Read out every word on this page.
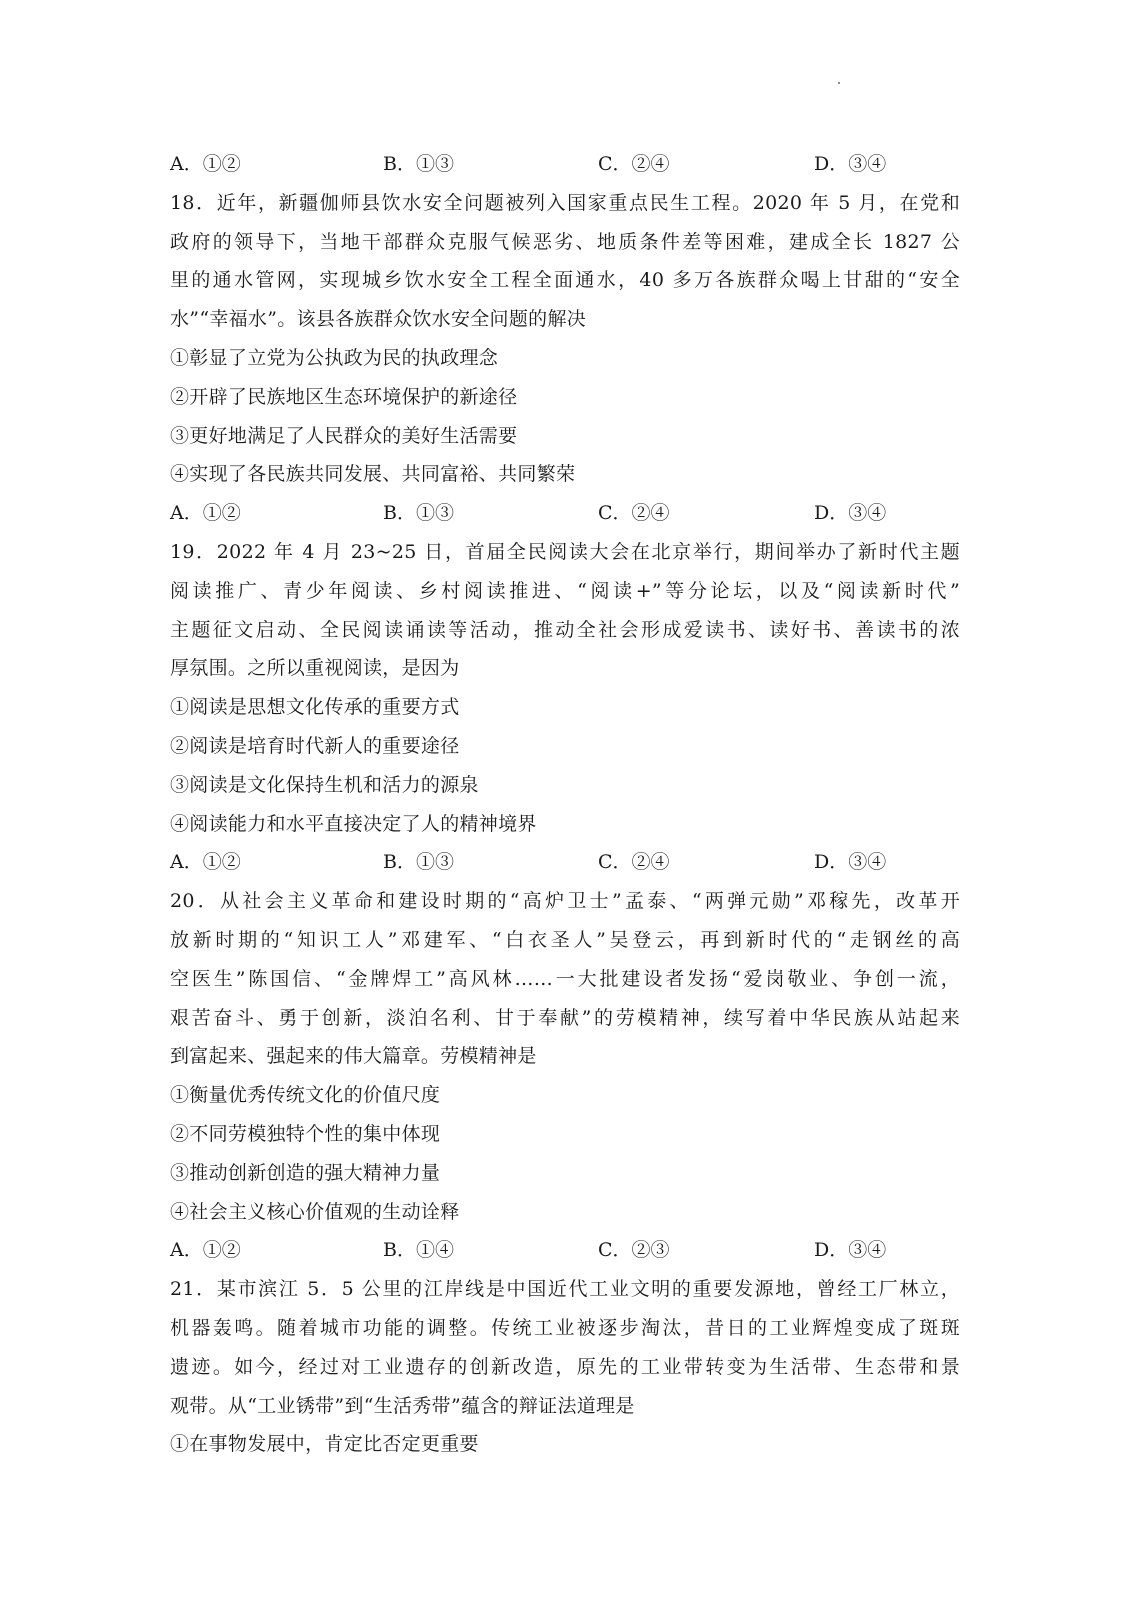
A．①②	B．①③	C．②④	D．③④
18．近年，新疆伽师县饮水安全问题被列入国家重点民生工程。2020 年 5 月，在党和
政府的领导下，当地干部群众克服气候恶劣、地质条件差等困难，建成全长 1827 公
里的通水管网，实现城乡饮水安全工程全面通水，40 多万各族群众喝上甘甜的“安全
水”“幸福水”。该县各族群众饮水安全问题的解决
①彰显了立党为公执政为民的执政理念
②开辟了民族地区生态环境保护的新途径
③更好地满足了人民群众的美好生活需要
④实现了各民族共同发展、共同富裕、共同繁荣
A．①②	B．①③	C．②④	D．③④
19．2022 年 4 月 23~25 日，首届全民阅读大会在北京举行，期间举办了新时代主题
阅读推广、青少年阅读、乡村阅读推进、“阅读+”等分论坛，以及“阅读新时代”
主题征文启动、全民阅读诵读等活动，推动全社会形成爱读书、读好书、善读书的浓
厚氛围。之所以重视阅读，是因为
①阅读是思想文化传承的重要方式
②阅读是培育时代新人的重要途径
③阅读是文化保持生机和活力的源泉
④阅读能力和水平直接决定了人的精神境界
A．①②	B．①③	C．②④	D．③④
20．从社会主义革命和建设时期的“高炉卫士”孟泰、“两弹元勋”邓稼先，改革开
放新时期的“知识工人”邓建军、“白衣圣人”吴登云，再到新时代的“走钢丝的高
空医生”陈国信、“金牌焊工”高风林……一大批建设者发扬“爱岗敬业、争创一流，
艰苦奋斗、勇于创新，淡泊名利、甘于奉献”的劳模精神，续写着中华民族从站起来
到富起来、强起来的伟大篇章。劳模精神是
①衡量优秀传统文化的价值尺度
②不同劳模独特个性的集中体现
③推动创新创造的强大精神力量
④社会主义核心价值观的生动诠释
A．①②	B．①④	C．②③	D．③④
21．某市滨江 5．5 公里的江岸线是中国近代工业文明的重要发源地，曾经工厂林立，
机器轰鸣。随着城市功能的调整。传统工业被逐步淘汰，昔日的工业辉煌变成了斑斑
遗迹。如今，经过对工业遗存的创新改造，原先的工业带转变为生活带、生态带和景
观带。从“工业锈带”到“生活秀带”蕴含的辩证法道理是
①在事物发展中，肯定比否定更重要
